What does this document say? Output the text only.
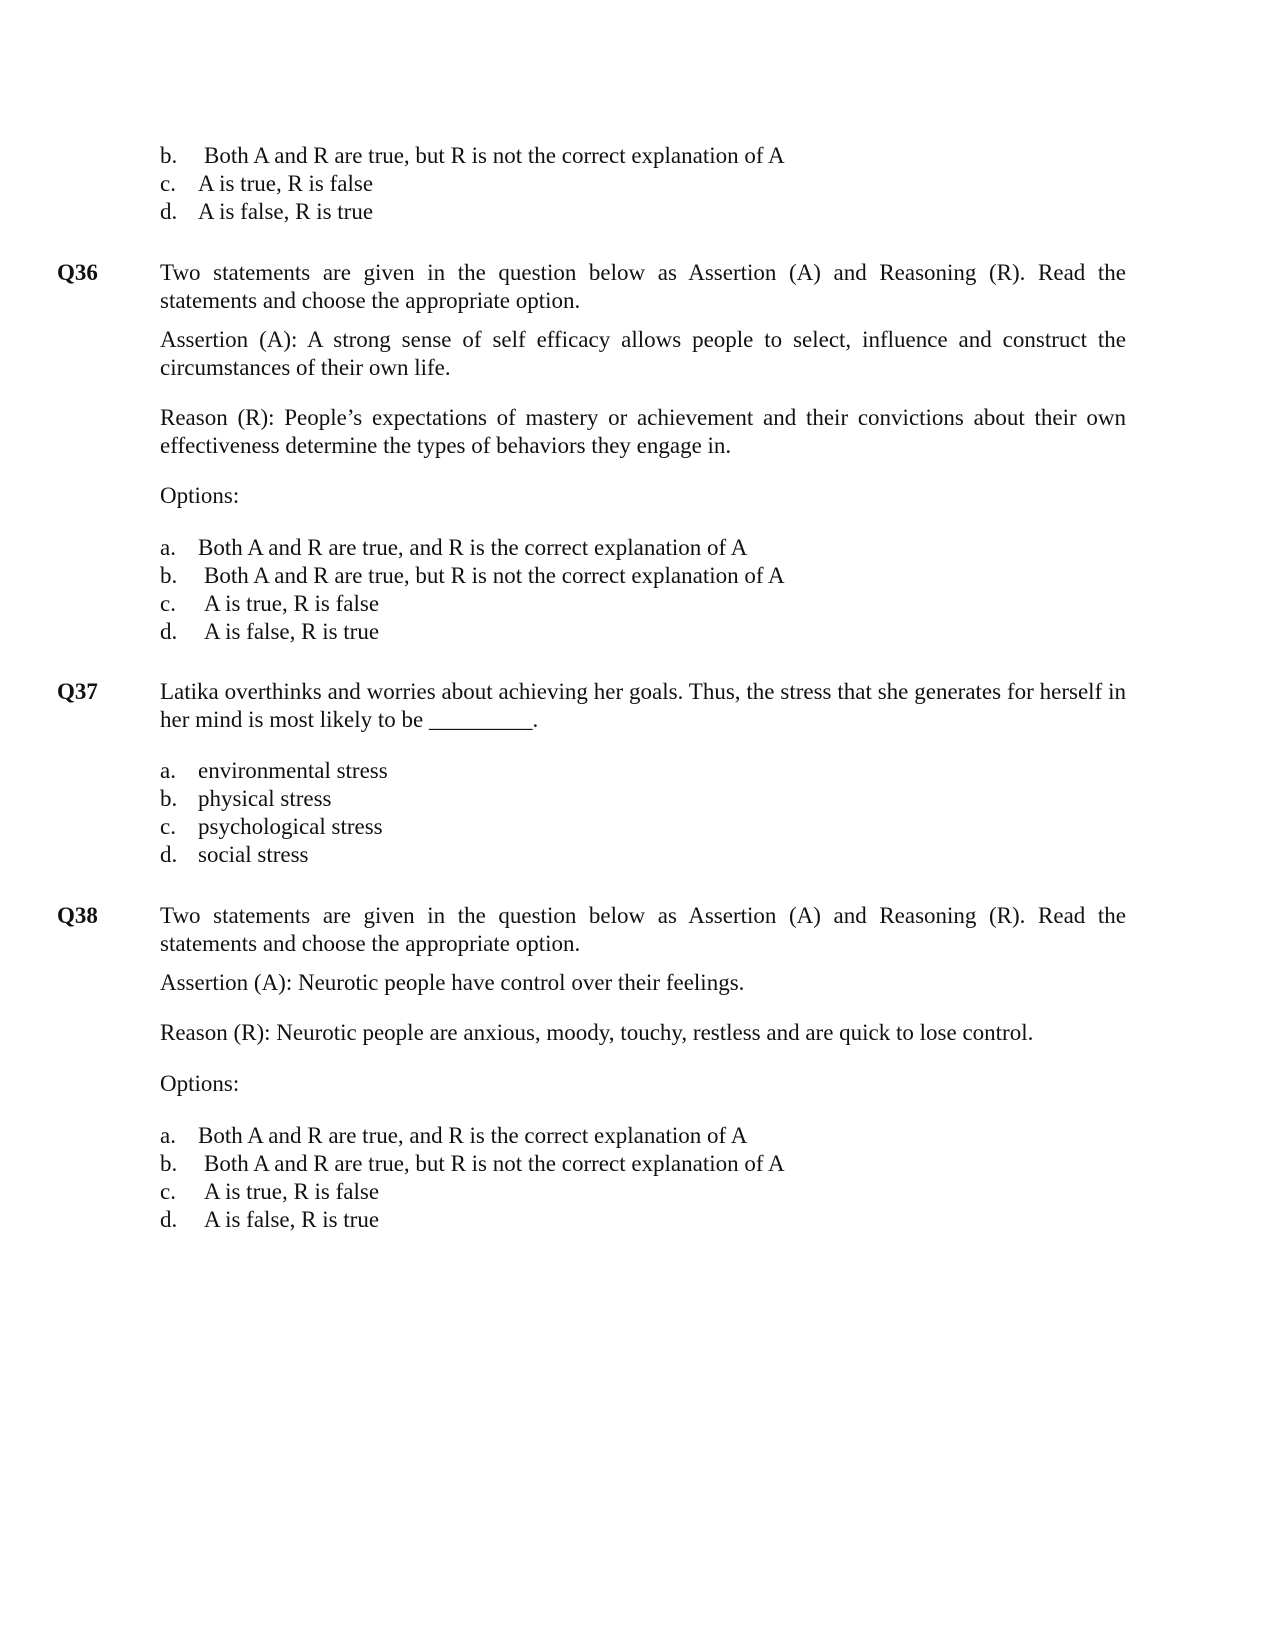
b.	Both A and R are true, but R is not the correct explanation of A
c. A is true, R is false
d. A is false, R is true
Q36	Two statements are given in the question below as Assertion (A) and Reasoning (R). Read the statements and choose the appropriate option.

Assertion (A): A strong sense of self efficacy allows people to select, influence and construct the circumstances of their own life.

Reason (R): People’s expectations of mastery or achievement and their convictions about their own effectiveness determine the types of behaviors they engage in.

Options:
a. Both A and R are true, and R is the correct explanation of A
b.	Both A and R are true, but R is not the correct explanation of A
c.	A is true, R is false
d.	A is false, R is true
Q37	Latika overthinks and worries about achieving her goals. Thus, the stress that she generates for herself in her mind is most likely to be _________.

a. environmental stress
b. physical stress
c. psychological stress
d. social stress
Q38	Two statements are given in the question below as Assertion (A) and Reasoning (R). Read the statements and choose the appropriate option.

Assertion (A): Neurotic people have control over their feelings.

Reason (R): Neurotic people are anxious, moody, touchy, restless and are quick to lose control.

Options:
a. Both A and R are true, and R is the correct explanation of A
b.	Both A and R are true, but R is not the correct explanation of A
c.	A is true, R is false
d.	A is false, R is true
